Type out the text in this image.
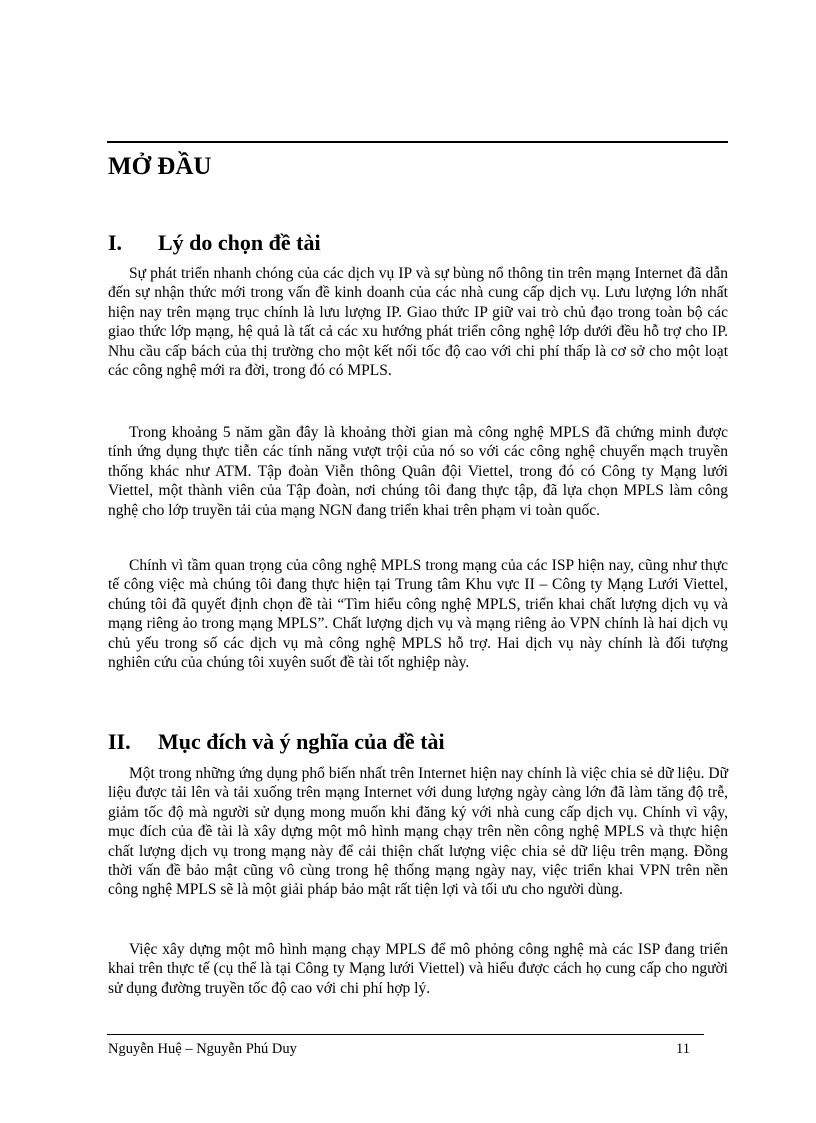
MỞ ĐẦU
I. Lý do chọn đề tài

Sự phát triển nhanh chóng của các dịch vụ IP và sự bùng nổ thông tin trên mạng Internet đã dẫn đến sự nhận thức mới trong vấn đề kinh doanh của các nhà cung cấp dịch vụ. Lưu lượng lớn nhất hiện nay trên mạng trục chính là lưu lượng IP. Giao thức IP giữ vai trò chủ đạo trong toàn bộ các giao thức lớp mạng, hệ quả là tất cả các xu hướng phát triển công nghệ lớp dưới đều hỗ trợ cho IP. Nhu cầu cấp bách của thị trường cho một kết nối tốc độ cao với chi phí thấp là cơ sở cho một loạt các công nghệ mới ra đời, trong đó có MPLS.

Trong khoảng 5 năm gần đây là khoảng thời gian mà công nghệ MPLS đã chứng minh được tính ứng dụng thực tiễn các tính năng vượt trội của nó so với các công nghệ chuyển mạch truyền thống khác như ATM. Tập đoàn Viễn thông Quân đội Viettel, trong đó có Công ty Mạng lưới Viettel, một thành viên của Tập đoàn, nơi chúng tôi đang thực tập, đã lựa chọn MPLS làm công nghệ cho lớp truyền tải của mạng NGN đang triển khai trên phạm vi toàn quốc.

Chính vì tầm quan trọng của công nghệ MPLS trong mạng của các ISP hiện nay, cũng như thực tế công việc mà chúng tôi đang thực hiện tại Trung tâm Khu vực II – Công ty Mạng Lưới Viettel, chúng tôi đã quyết định chọn đề tài “Tìm hiểu công nghệ MPLS, triển khai chất lượng dịch vụ và mạng riêng ảo trong mạng MPLS”. Chất lượng dịch vụ và mạng riêng ảo VPN chính là hai dịch vụ chủ yếu trong số các dịch vụ mà công nghệ MPLS hỗ trợ. Hai dịch vụ này chính là đối tượng nghiên cứu của chúng tôi xuyên suốt đề tài tốt nghiệp này.

II. Mục đích và ý nghĩa của đề tài

Một trong những ứng dụng phổ biến nhất trên Internet hiện nay chính là việc chia sẻ dữ liệu. Dữ liệu được tải lên và tải xuống trên mạng Internet với dung lượng ngày càng lớn đã làm tăng độ trễ, giảm tốc độ mà người sử dụng mong muốn khi đăng ký với nhà cung cấp dịch vụ. Chính vì vậy, mục đích của đề tài là xây dựng một mô hình mạng chạy trên nền công nghệ MPLS và thực hiện chất lượng dịch vụ trong mạng này để cải thiện chất lượng việc chia sẻ dữ liệu trên mạng. Đồng thời vấn đề bảo mật cũng vô cùng trong hệ thống mạng ngày nay, việc triển khai VPN trên nền công nghệ MPLS sẽ là một giải pháp bảo mật rất tiện lợi và tối ưu cho người dùng.

Việc xây dựng một mô hình mạng chạy MPLS để mô phỏng công nghệ mà các ISP đang triển khai trên thực tế (cụ thể là tại Công ty Mạng lưới Viettel) và hiểu được cách họ cung cấp cho người sử dụng đường truyền tốc độ cao với chi phí hợp lý.

Nguyễn Huệ – Nguyễn Phú Duy	11
